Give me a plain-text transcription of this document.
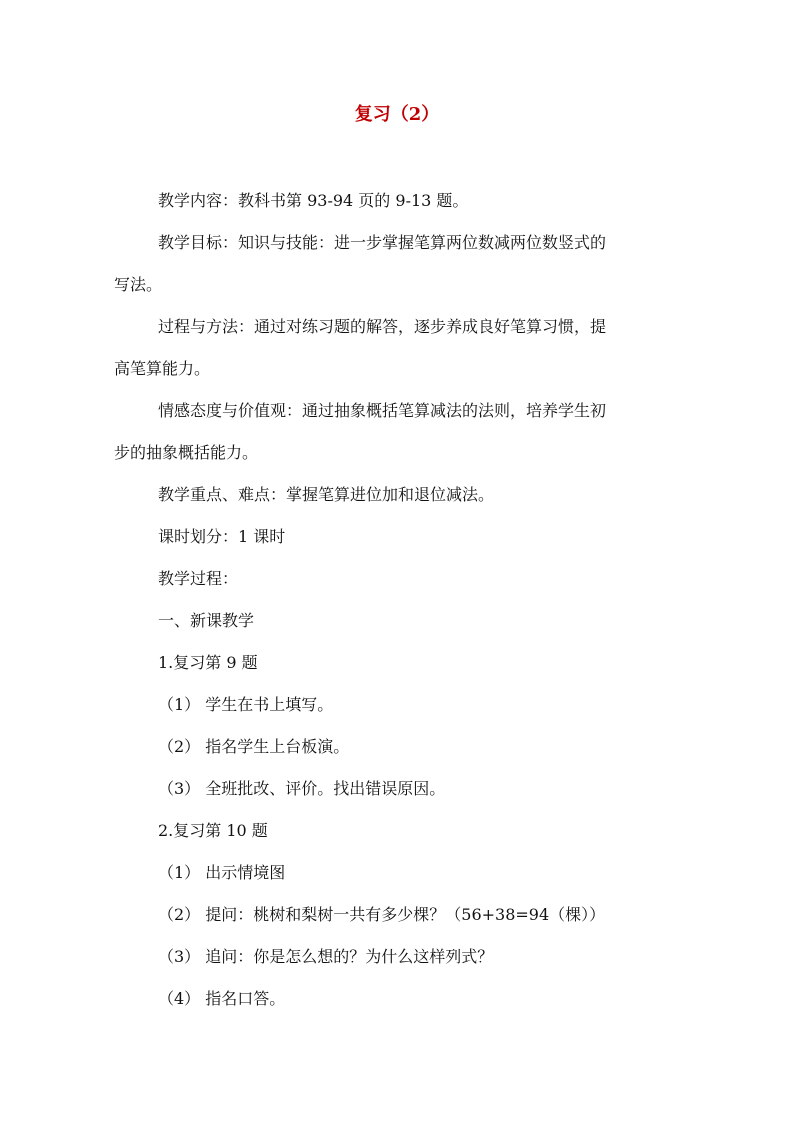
复习（2）
教学内容：教科书第 93-94 页的 9-13 题。
教学目标：知识与技能：进一步掌握笔算两位数减两位数竖式的
写法。
过程与方法：通过对练习题的解答，逐步养成良好笔算习惯，提
高笔算能力。
情感态度与价值观：通过抽象概括笔算减法的法则，培养学生初
步的抽象概括能力。
教学重点、难点：掌握笔算进位加和退位减法。
课时划分：1 课时
教学过程：
一、新课教学
1.复习第 9 题
（1） 学生在书上填写。
（2） 指名学生上台板演。
（3） 全班批改、评价。找出错误原因。
2.复习第 10 题
（1） 出示情境图
（2） 提问：桃树和梨树一共有多少棵？（56+38=94（棵））
（3） 追问：你是怎么想的？为什么这样列式？
（4） 指名口答。
